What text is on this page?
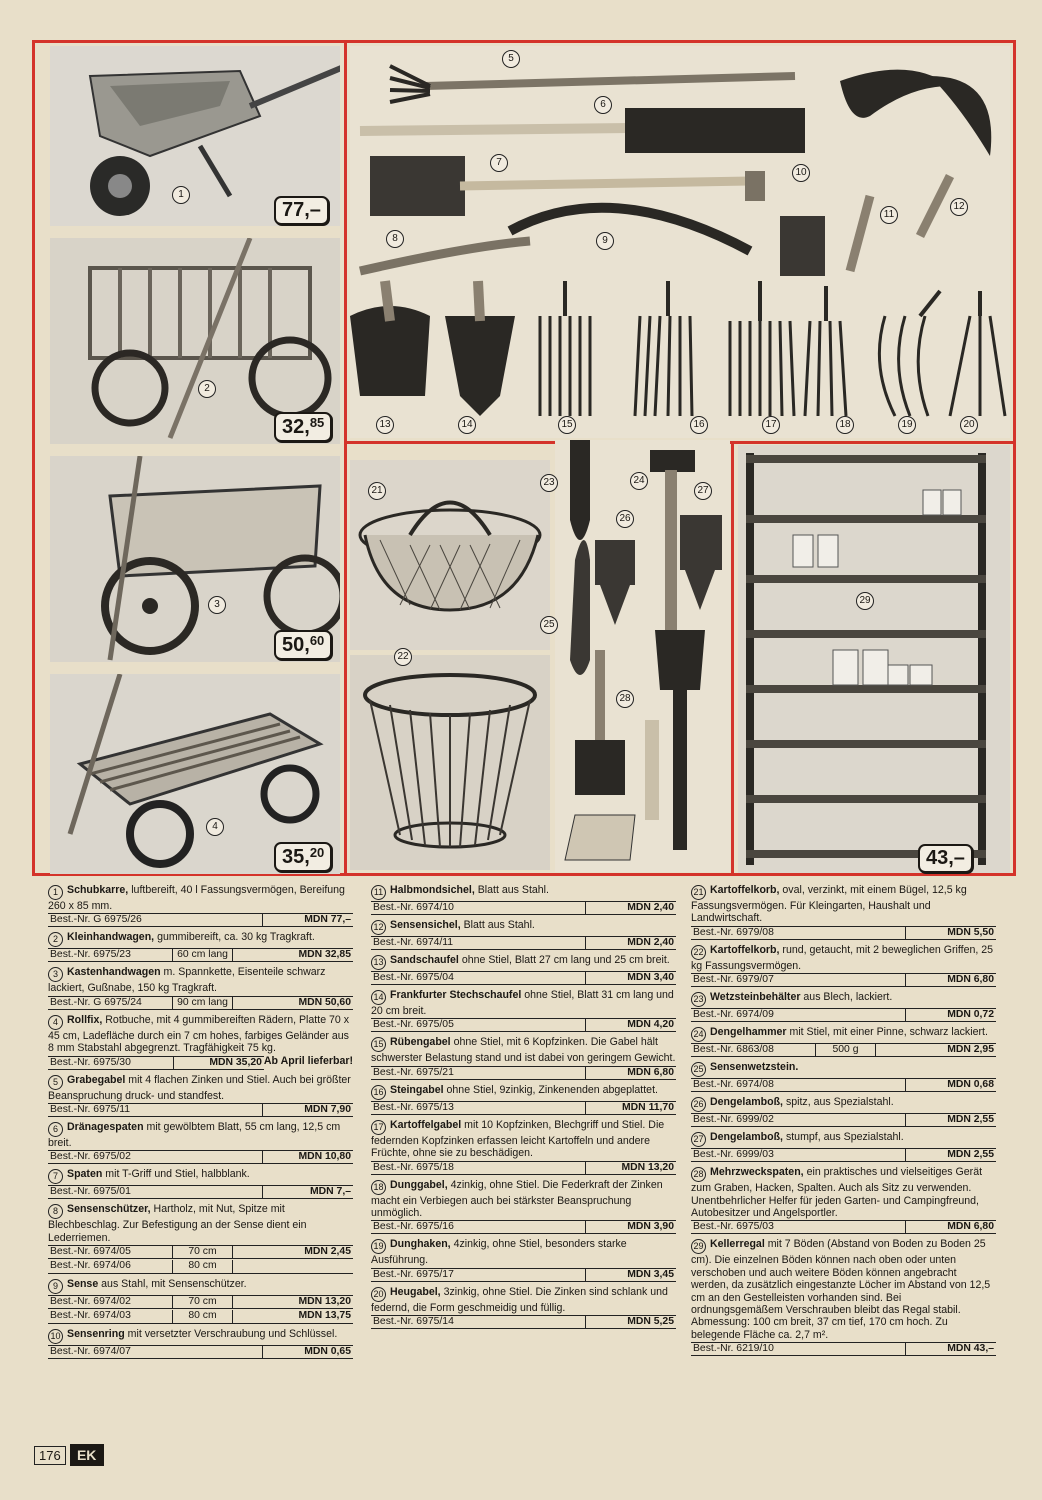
77,–
32,85
50,60
35,20	43,–
1
2
3
4
5
6
7
8	9
10
11
12
13	14	15	16	17	18	19	20
21
22
23	24
25
26
27
28
29
1 Schubkarre, luftbereift, 40 l Fassungsvermögen, Bereifung 260 x 85 mm.
Best.-Nr. G 6975/26	MDN 77,–
2 Kleinhandwagen, gummibereift, ca. 30 kg Tragkraft.
Best.-Nr. 6975/23	60 cm lang	MDN 32,85
3 Kastenhandwagen m. Spannkette, Eisenteile schwarz lackiert, Gußnabe, 150 kg Tragkraft.
Best.-Nr. G 6975/24	90 cm lang	MDN 50,60
4 Rollfix, Rotbuche, mit 4 gummibereiften Rädern, Platte 70 x 45 cm, Ladefläche durch ein 7 cm hohes, farbiges Geländer aus 8 mm Stabstahl abgegrenzt. Tragfähigkeit 75 kg.
Ab April lieferbar!
Best.-Nr. 6975/30	MDN 35,20
5 Grabegabel mit 4 flachen Zinken und Stiel. Auch bei größter Beanspruchung druck- und standfest.
Best.-Nr. 6975/11	MDN 7,90
6 Dränagespaten mit gewölbtem Blatt, 55 cm lang, 12,5 cm breit.
Best.-Nr. 6975/02	MDN 10,80
7 Spaten mit T-Griff und Stiel, halbblank.
Best.-Nr. 6975/01	MDN 7,–
8 Sensenschützer, Hartholz, mit Nut, Spitze mit Blechbeschlag. Zur Befestigung an der Sense dient ein Lederriemen.
Best.-Nr. 6974/05	70 cm	MDN 2,45
Best.-Nr. 6974/06	80 cm
9 Sense aus Stahl, mit Sensenschützer.
Best.-Nr. 6974/02	70 cm	MDN 13,20
Best.-Nr. 6974/03	80 cm	MDN 13,75
10 Sensenring mit versetzter Verschraubung und Schlüssel.
Best.-Nr. 6974/07	MDN 0,65
11 Halbmondsichel, Blatt aus Stahl.
Best.-Nr. 6974/10	MDN 2,40
12 Sensensichel, Blatt aus Stahl.
Best.-Nr. 6974/11	MDN 2,40
13 Sandschaufel ohne Stiel, Blatt 27 cm lang und 25 cm breit.
Best.-Nr. 6975/04	MDN 3,40
14 Frankfurter Stechschaufel ohne Stiel, Blatt 31 cm lang und 20 cm breit.
Best.-Nr. 6975/05	MDN 4,20
15 Rübengabel ohne Stiel, mit 6 Kopfzinken. Die Gabel hält schwerster Belastung stand und ist dabei von geringem Gewicht.
Best.-Nr. 6975/21	MDN 6,80
16 Steingabel ohne Stiel, 9zinkig, Zinkenenden abgeplattet.
Best.-Nr. 6975/13	MDN 11,70
17 Kartoffelgabel mit 10 Kopfzinken, Blechgriff und Stiel. Die federnden Kopfzinken erfassen leicht Kartoffeln und andere Früchte, ohne sie zu beschädigen.
Best.-Nr. 6975/18	MDN 13,20
18 Dunggabel, 4zinkig, ohne Stiel. Die Federkraft der Zinken macht ein Verbiegen auch bei stärkster Beanspruchung unmöglich.
Best.-Nr. 6975/16	MDN 3,90
19 Dunghaken, 4zinkig, ohne Stiel, besonders starke Ausführung.
Best.-Nr. 6975/17	MDN 3,45
20 Heugabel, 3zinkig, ohne Stiel. Die Zinken sind schlank und federnd, die Form geschmeidig und füllig.
Best.-Nr. 6975/14	MDN 5,25
21 Kartoffelkorb, oval, verzinkt, mit einem Bügel, 12,5 kg Fassungsvermögen. Für Kleingarten, Haushalt und Landwirtschaft.
Best.-Nr. 6979/08	MDN 5,50
22 Kartoffelkorb, rund, getaucht, mit 2 beweglichen Griffen, 25 kg Fassungsvermögen.
Best.-Nr. 6979/07	MDN 6,80
23 Wetzsteinbehälter aus Blech, lackiert.
Best.-Nr. 6974/09	MDN 0,72
24 Dengelhammer mit Stiel, mit einer Pinne, schwarz lackiert.
Best.-Nr. 6863/08	500 g	MDN 2,95
25 Sensenwetzstein.
Best.-Nr. 6974/08	MDN 0,68
26 Dengelamboß, spitz, aus Spezialstahl.
Best.-Nr. 6999/02	MDN 2,55
27 Dengelamboß, stumpf, aus Spezialstahl.
Best.-Nr. 6999/03	MDN 2,55
28 Mehrzweckspaten, ein praktisches und vielseitiges Gerät zum Graben, Hacken, Spalten. Auch als Sitz zu verwenden. Unentbehrlicher Helfer für jeden Garten- und Campingfreund, Autobesitzer und Angelsportler.
Best.-Nr. 6975/03	MDN 6,80
29 Kellerregal mit 7 Böden (Abstand von Boden zu Boden 25 cm). Die einzelnen Böden können nach oben oder unten verschoben und auch weitere Böden können angebracht werden, da zusätzlich eingestanzte Löcher im Abstand von 12,5 cm an den Gestelleisten vorhanden sind. Bei ordnungsgemäßem Verschrauben bleibt das Regal stabil. Abmessung: 100 cm breit, 37 cm tief, 170 cm hoch. Zu belegende Fläche ca. 2,7 m².
Best.-Nr. 6219/10	MDN 43,–
176	EK
